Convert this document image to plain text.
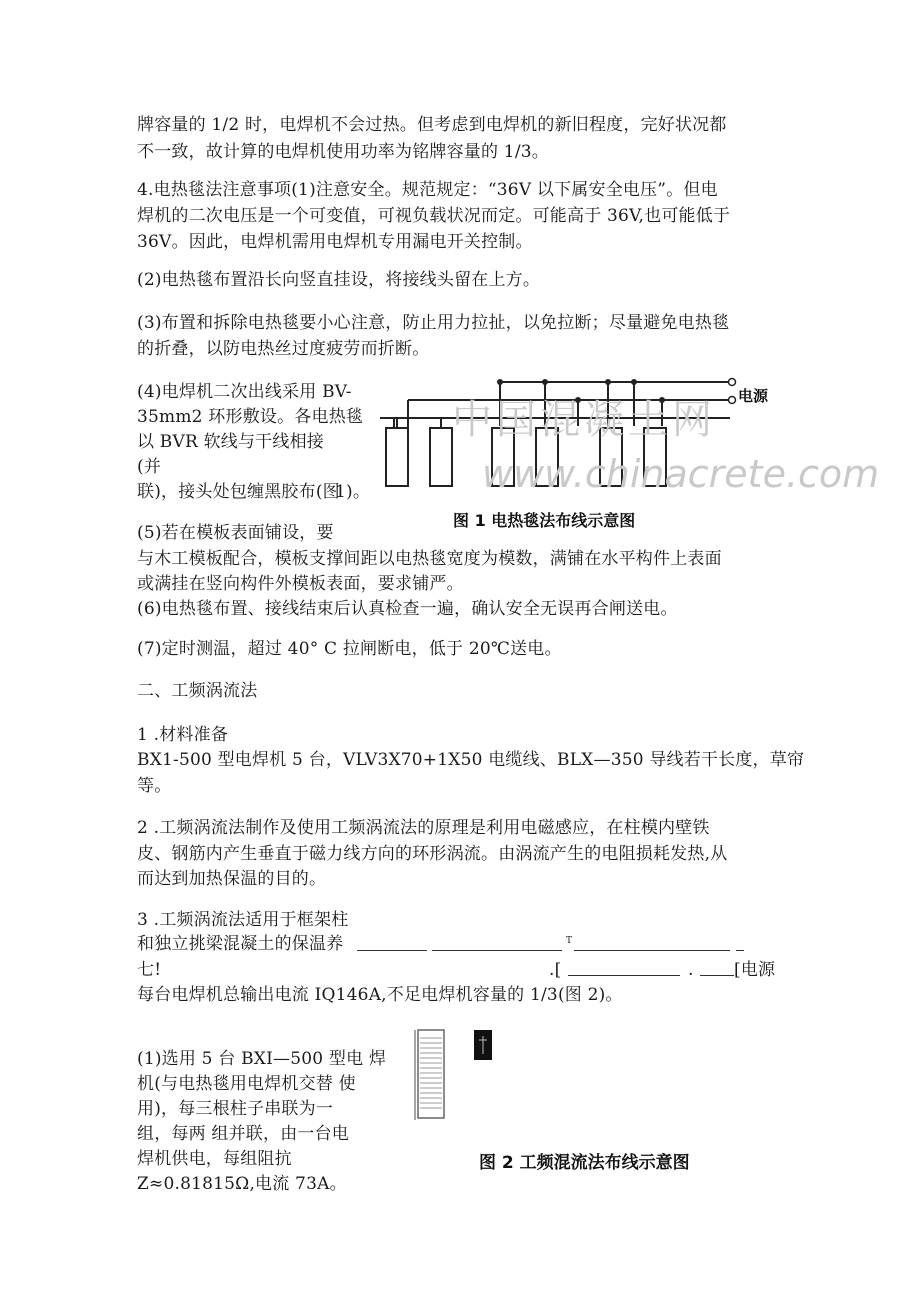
牌容量的 1/2 时，电焊机不会过热。但考虑到电焊机的新旧程度，完好状况都
不一致，故计算的电焊机使用功率为铭牌容量的 1/3。
4.电热毯法注意事项(1)注意安全。规范规定：“36V 以下属安全电压”。但电
焊机的二次电压是一个可变值，可视负载状况而定。可能高于 36V,也可能低于
36V。因此，电焊机需用电焊机专用漏电开关控制。
(2)电热毯布置沿长向竖直挂设，将接线头留在上方。
(3)布置和拆除电热毯要小心注意，防止用力拉扯，以免拉断；尽量避免电热毯
的折叠，以防电热丝过度疲劳而折断。
(4)电焊机二次出线采用 BV-
35mm2 环形敷设。各电热毯
以 BVR 软线与干线相接
(并
联)，接头处包缠黑胶布(图
1)。
(5)若在模板表面铺设，要
与木工模板配合，模板支撑间距以电热毯宽度为模数，满铺在水平构件上表面
或满挂在竖向构件外模板表面，要求铺严。
(6)电热毯布置、接线结束后认真检查一遍，确认安全无误再合闸送电。
(7)定时测温，超过 40° C 拉闸断电，低于 20℃送电。
二、工频涡流法
1 .材料准备
BX1-500 型电焊机 5 台，VLV3X70+1X50 电缆线、BLX—350 导线若干长度，草帘
等。
2 .工频涡流法制作及使用工频涡流法的原理是利用电磁感应，在柱模内壁铁
皮、钢筋内产生垂直于磁力线方向的环形涡流。由涡流产生的电阻损耗发热,从
而达到加热保温的目的。
3 .工频涡流法适用于框架柱
和独立挑梁混凝土的保温养	T
七!	.[	. [电源
每台电焊机总输出电流 IQ146A,不足电焊机容量的 1/3(图 2)。
(1)选用 5 台 BXI—500 型电 焊
机(与电热毯用电焊机交替 使
用)，每三根柱子串联为一
组，每两 组并联，由一台电
焊机供电，每组阻抗
Z≈0.81815Ω,电流 73A。
中国混凝土网
www.chinacrete.com
电源
图 1 电热毯法布线示意图
图 2 工频混流法布线示意图
